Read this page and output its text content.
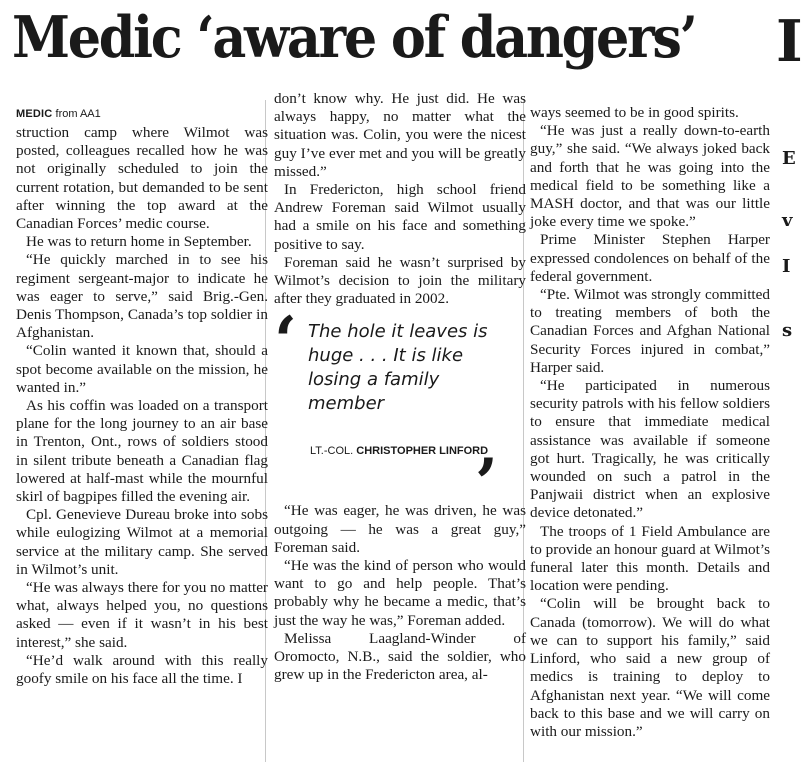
Medic ‘aware of dangers’ I
E
v
I
s

MEDIC from AA1

struction camp where Wilmot was posted, colleagues recalled how he was not originally scheduled to join the current rotation, but demanded to be sent after winning the top award at the Canadian Forces’ medic course.

He was to return home in September.

“He quickly marched in to see his regiment sergeant-major to indicate he was eager to serve,” said Brig.-Gen. Denis Thompson, Canada’s top soldier in Afghanistan.

“Colin wanted it known that, should a spot become available on the mission, he wanted in.”

As his coffin was loaded on a transport plane for the long journey to an air base in Trenton, Ont., rows of soldiers stood in silent tribute beneath a Canadian flag lowered at half-mast while the mournful skirl of bagpipes filled the evening air.

Cpl. Genevieve Dureau broke into sobs while eulogizing Wilmot at a memorial service at the military camp. She served in Wilmot’s unit.

“He was always there for you no matter what, always helped you, no questions asked — even if it wasn’t in his best interest,” she said.

“He’d walk around with this really goofy smile on his face all the time. I

don’t know why. He just did. He was always happy, no matter what the situation was. Colin, you were the nicest guy I’ve ever met and you will be greatly missed.”

In Fredericton, high school friend Andrew Foreman said Wilmot usually had a smile on his face and something positive to say.

Foreman said he wasn’t surprised by Wilmot’s decision to join the military after they graduated in 2002.

‘ The hole it leaves is huge . . . It is like losing a family member

LT.-COL. CHRISTOPHER LINFORD

’

“He was eager, he was driven, he was outgoing — he was a great guy,” Foreman said.

“He was the kind of person who would want to go and help people. That’s probably why he became a medic, that’s just the way he was,” Foreman added.

Melissa Laagland-Winder of Oromocto, N.B., said the soldier, who grew up in the Fredericton area, al-

ways seemed to be in good spirits.

“He was just a really down-to-earth guy,” she said. “We always joked back and forth that he was going into the medical field to be something like a MASH doctor, and that was our little joke every time we spoke.”

Prime Minister Stephen Harper expressed condolences on behalf of the federal government.

“Pte. Wilmot was strongly committed to treating members of both the Canadian Forces and Afghan National Security Forces injured in combat,” Harper said.

“He participated in numerous security patrols with his fellow soldiers to ensure that immediate medical assistance was available if someone got hurt. Tragically, he was critically wounded on such a patrol in the Panjwaii district when an explosive device detonated.”

The troops of 1 Field Ambulance are to provide an honour guard at Wilmot’s funeral later this month. Details and location were pending.

“Colin will be brought back to Canada (tomorrow). We will do what we can to support his family,” said Linford, who said a new group of medics is training to deploy to Afghanistan next year. “We will come back to this base and we will carry on with our mission.”
